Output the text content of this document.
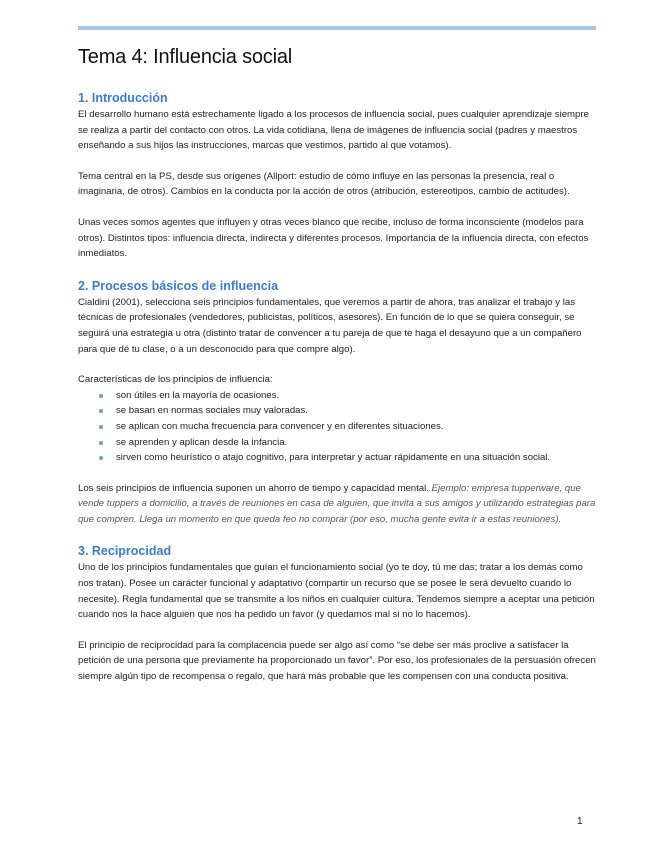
Tema 4: Influencia social
1. Introducción

El desarrollo humano está estrechamente ligado a los procesos de influencia social, pues cualquier aprendizaje siempre se realiza a partir del contacto con otros. La vida cotidiana, llena de imágenes de influencia social (padres y maestros enseñando a sus hijos las instrucciones, marcas que vestimos, partido al que votamos).

Tema central en la PS, desde sus orígenes (Allport: estudio de cómo influye en las personas la presencia, real o imaginaria, de otros). Cambios en la conducta por la acción de otros (atribución, estereotipos, cambio de actitudes).

Unas veces somos agentes que influyen y otras veces blanco que recibe, incluso de forma inconsciente (modelos para otros). Distintos tipos: influencia directa, indirecta y diferentes procesos. Importancia de la influencia directa, con efectos inmediatos.

2. Procesos básicos de influencia

Cialdini (2001), selecciona seis principios fundamentales, que veremos a partir de ahora, tras analizar el trabajo y las técnicas de profesionales (vendedores, publicistas, políticos, asesores). En función de lo que se quiera conseguir, se seguirá una estrategia u otra (distinto tratar de convencer a tu pareja de que te haga el desayuno que a un compañero para que dé tu clase, o a un desconocido para que compre algo).

Características de los principios de influencia:

son útiles en la mayoría de ocasiones.
se basan en normas sociales muy valoradas.
se aplican con mucha frecuencia para convencer y en diferentes situaciones.
se aprenden y aplican desde la infancia.
sirven como heurístico o atajo cognitivo, para interpretar y actuar rápidamente en una situación social.

Los seis principios de influencia suponen un ahorro de tiempo y capacidad mental. Ejemplo: empresa tupperware, que vende tuppers a domicilio, a través de reuniones en casa de alguien, que invita a sus amigos y utilizando estrategias para que compren. Llega un momento en que queda feo no comprar (por eso, mucha gente evita ir a estas reuniones).

3. Reciprocidad

Uno de los principios fundamentales que guían el funcionamiento social (yo te doy, tú me das; tratar a los demás como nos tratan). Posee un carácter funcional y adaptativo (compartir un recurso que se posee le será devuelto cuando lo necesite). Regla fundamental que se transmite a los niños en cualquier cultura. Tendemos siempre a aceptar una petición cuando nos la hace alguien que nos ha pedido un favor (y quedamos mal si no lo hacemos).

El principio de reciprocidad para la complacencia puede ser algo así como “se debe ser más proclive a satisfacer la petición de una persona que previamente ha proporcionado un favor”. Por eso, los profesionales de la persuasión ofrecen siempre algún tipo de recompensa o regalo, que hará más probable que les compensen con una conducta positiva.

1
